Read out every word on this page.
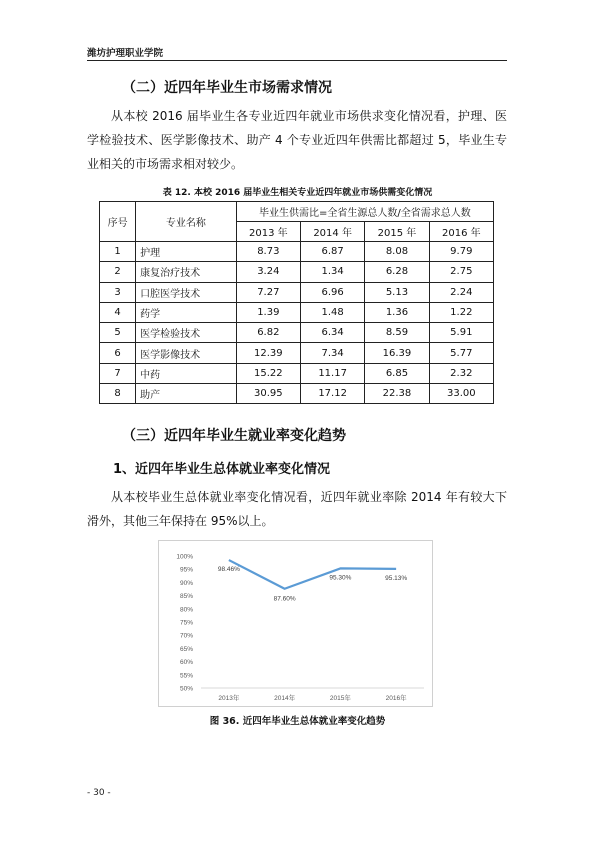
潍坊护理职业学院
（二）近四年毕业生市场需求情况
从本校 2016 届毕业生各专业近四年就业市场供求变化情况看，护理、医学检验技术、医学影像技术、助产 4 个专业近四年供需比都超过 5，毕业生专业相关的市场需求相对较少。
表 12. 本校 2016 届毕业生相关专业近四年就业市场供需变化情况
序号	专业名称	毕业生供需比=全省生源总人数/全省需求总人数			
		2013 年	2014 年	2015 年	2016 年
1	护理	8.73	6.87	8.08	9.79
2	康复治疗技术	3.24	1.34	6.28	2.75
3	口腔医学技术	7.27	6.96	5.13	2.24
4	药学	1.39	1.48	1.36	1.22
5	医学检验技术	6.82	6.34	8.59	5.91
6	医学影像技术	12.39	7.34	16.39	5.77
7	中药	15.22	11.17	6.85	2.32
8	助产	30.95	17.12	22.38	33.00
（三）近四年毕业生就业率变化趋势
1、近四年毕业生总体就业率变化情况
从本校毕业生总体就业率变化情况看，近四年就业率除 2014 年有较大下滑外，其他三年保持在 95%以上。
100%
95%
90%
85%
80%
75%
70%
65%
60%
55%
50%
2013年	2014年	2015年	2016年
98.46%
87.60%
95.30%	95.13%
图 36. 近四年毕业生总体就业率变化趋势
- 30 -
